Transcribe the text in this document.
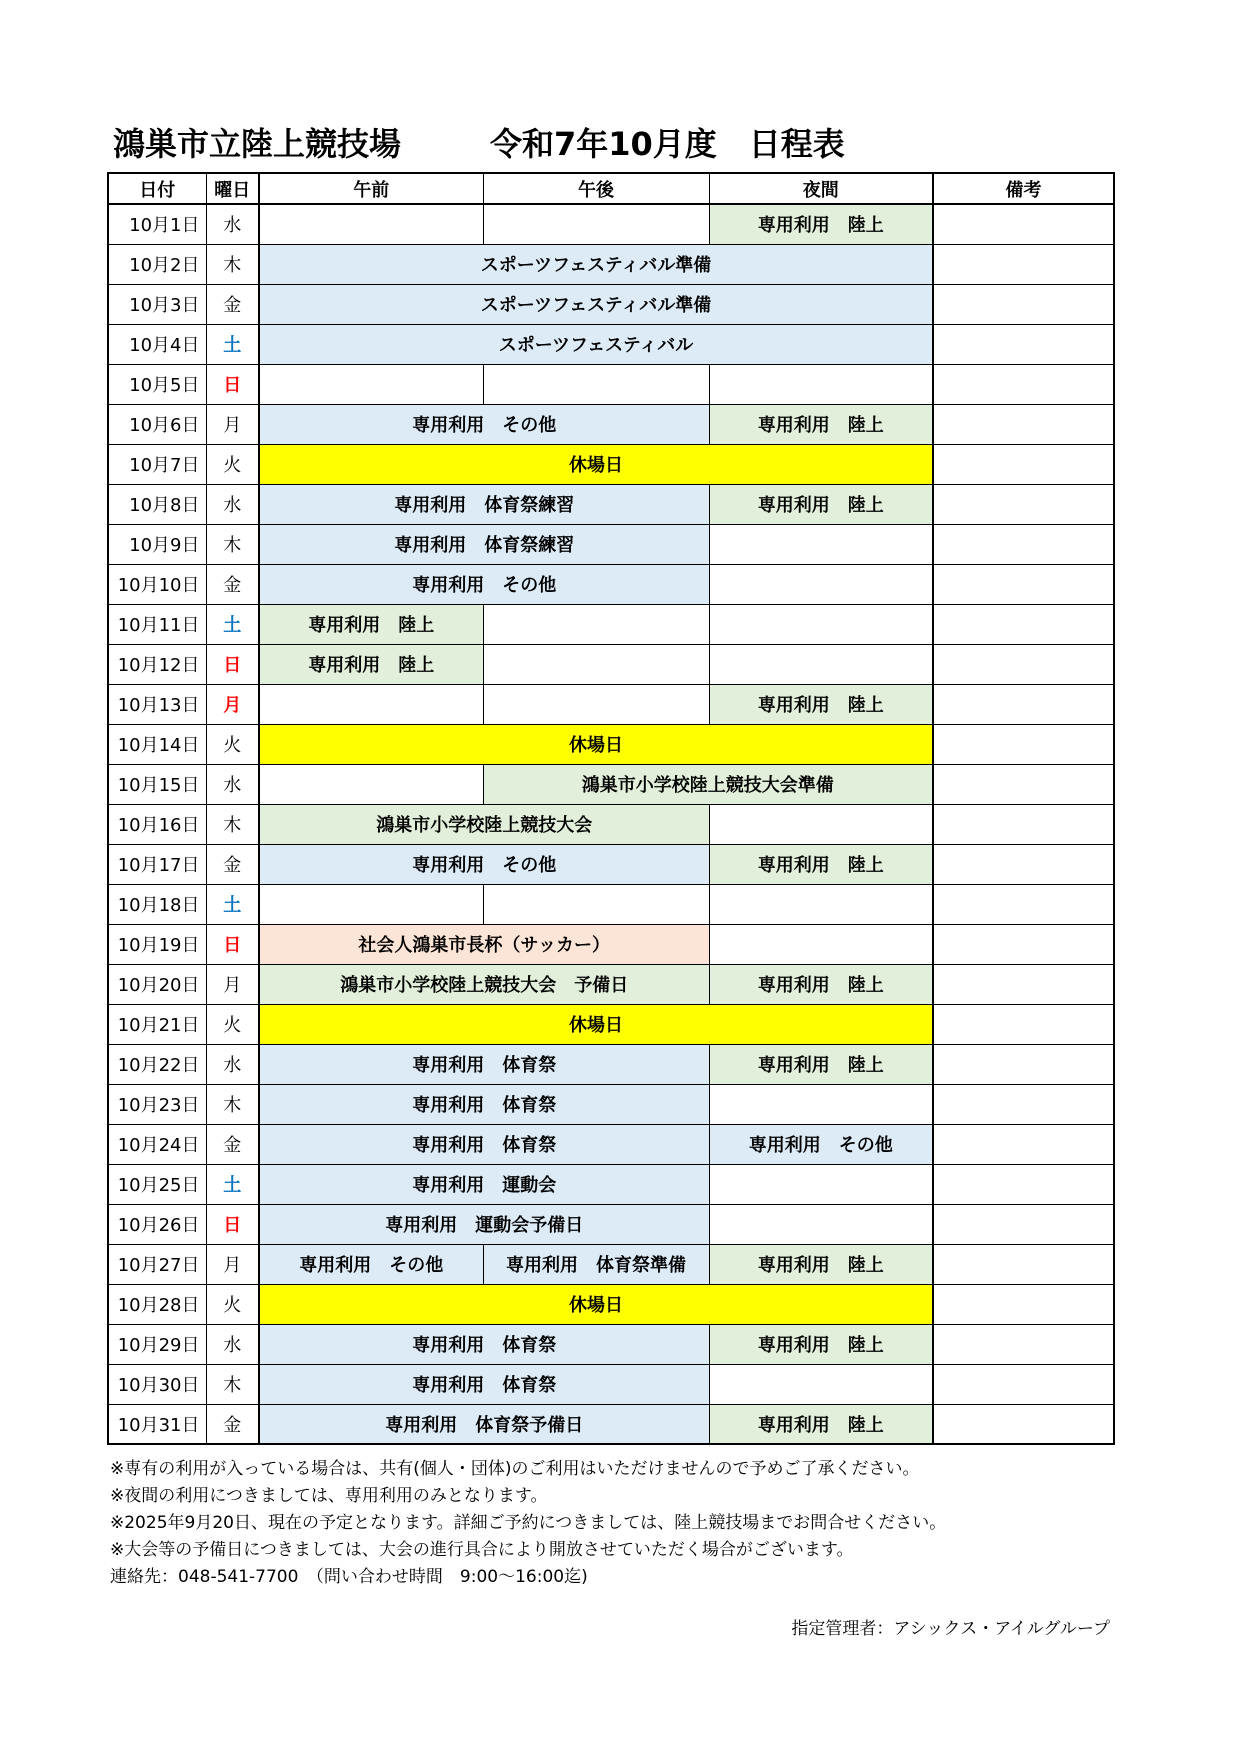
鴻巣市立陸上競技場	令和7年10月度　日程表
日付	曜日	午前	午後	夜間	備考
10月1日	水			専用利用　陸上	
10月2日	木	スポーツフェスティバル準備			
10月3日	金	スポーツフェスティバル準備			
10月4日	土	スポーツフェスティバル			
10月5日	日				
10月6日	月	専用利用　その他		専用利用　陸上	
10月7日	火	休場日			
10月8日	水	専用利用　体育祭練習		専用利用　陸上	
10月9日	木	専用利用　体育祭練習			
10月10日	金	専用利用　その他			
10月11日	土	専用利用　陸上			
10月12日	日	専用利用　陸上			
10月13日	月			専用利用　陸上	
10月14日	火	休場日			
10月15日	水		鴻巣市小学校陸上競技大会準備		
10月16日	木	鴻巣市小学校陸上競技大会			
10月17日	金	専用利用　その他		専用利用　陸上	
10月18日	土				
10月19日	日	社会人鴻巣市長杯（サッカー）			
10月20日	月	鴻巣市小学校陸上競技大会　予備日		専用利用　陸上	
10月21日	火	休場日			
10月22日	水	専用利用　体育祭		専用利用　陸上	
10月23日	木	専用利用　体育祭			
10月24日	金	専用利用　体育祭		専用利用　その他	
10月25日	土	専用利用　運動会			
10月26日	日	専用利用　運動会予備日			
10月27日	月	専用利用　その他	専用利用　体育祭準備	専用利用　陸上	
10月28日	火	休場日			
10月29日	水	専用利用　体育祭		専用利用　陸上	
10月30日	木	専用利用　体育祭			
10月31日	金	専用利用　体育祭予備日		専用利用　陸上	
※専有の利用が入っている場合は、共有(個人・団体)のご利用はいただけませんので予めご了承ください。
※夜間の利用につきましては、専用利用のみとなります。
※2025年9月20日、現在の予定となります。詳細ご予約につきましては、陸上競技場までお問合せください。
※大会等の予備日につきましては、大会の進行具合により開放させていただく場合がございます。
連絡先：048-541-7700　（問い合わせ時間　9:00～16:00迄)
指定管理者：アシックス・アイルグループ
